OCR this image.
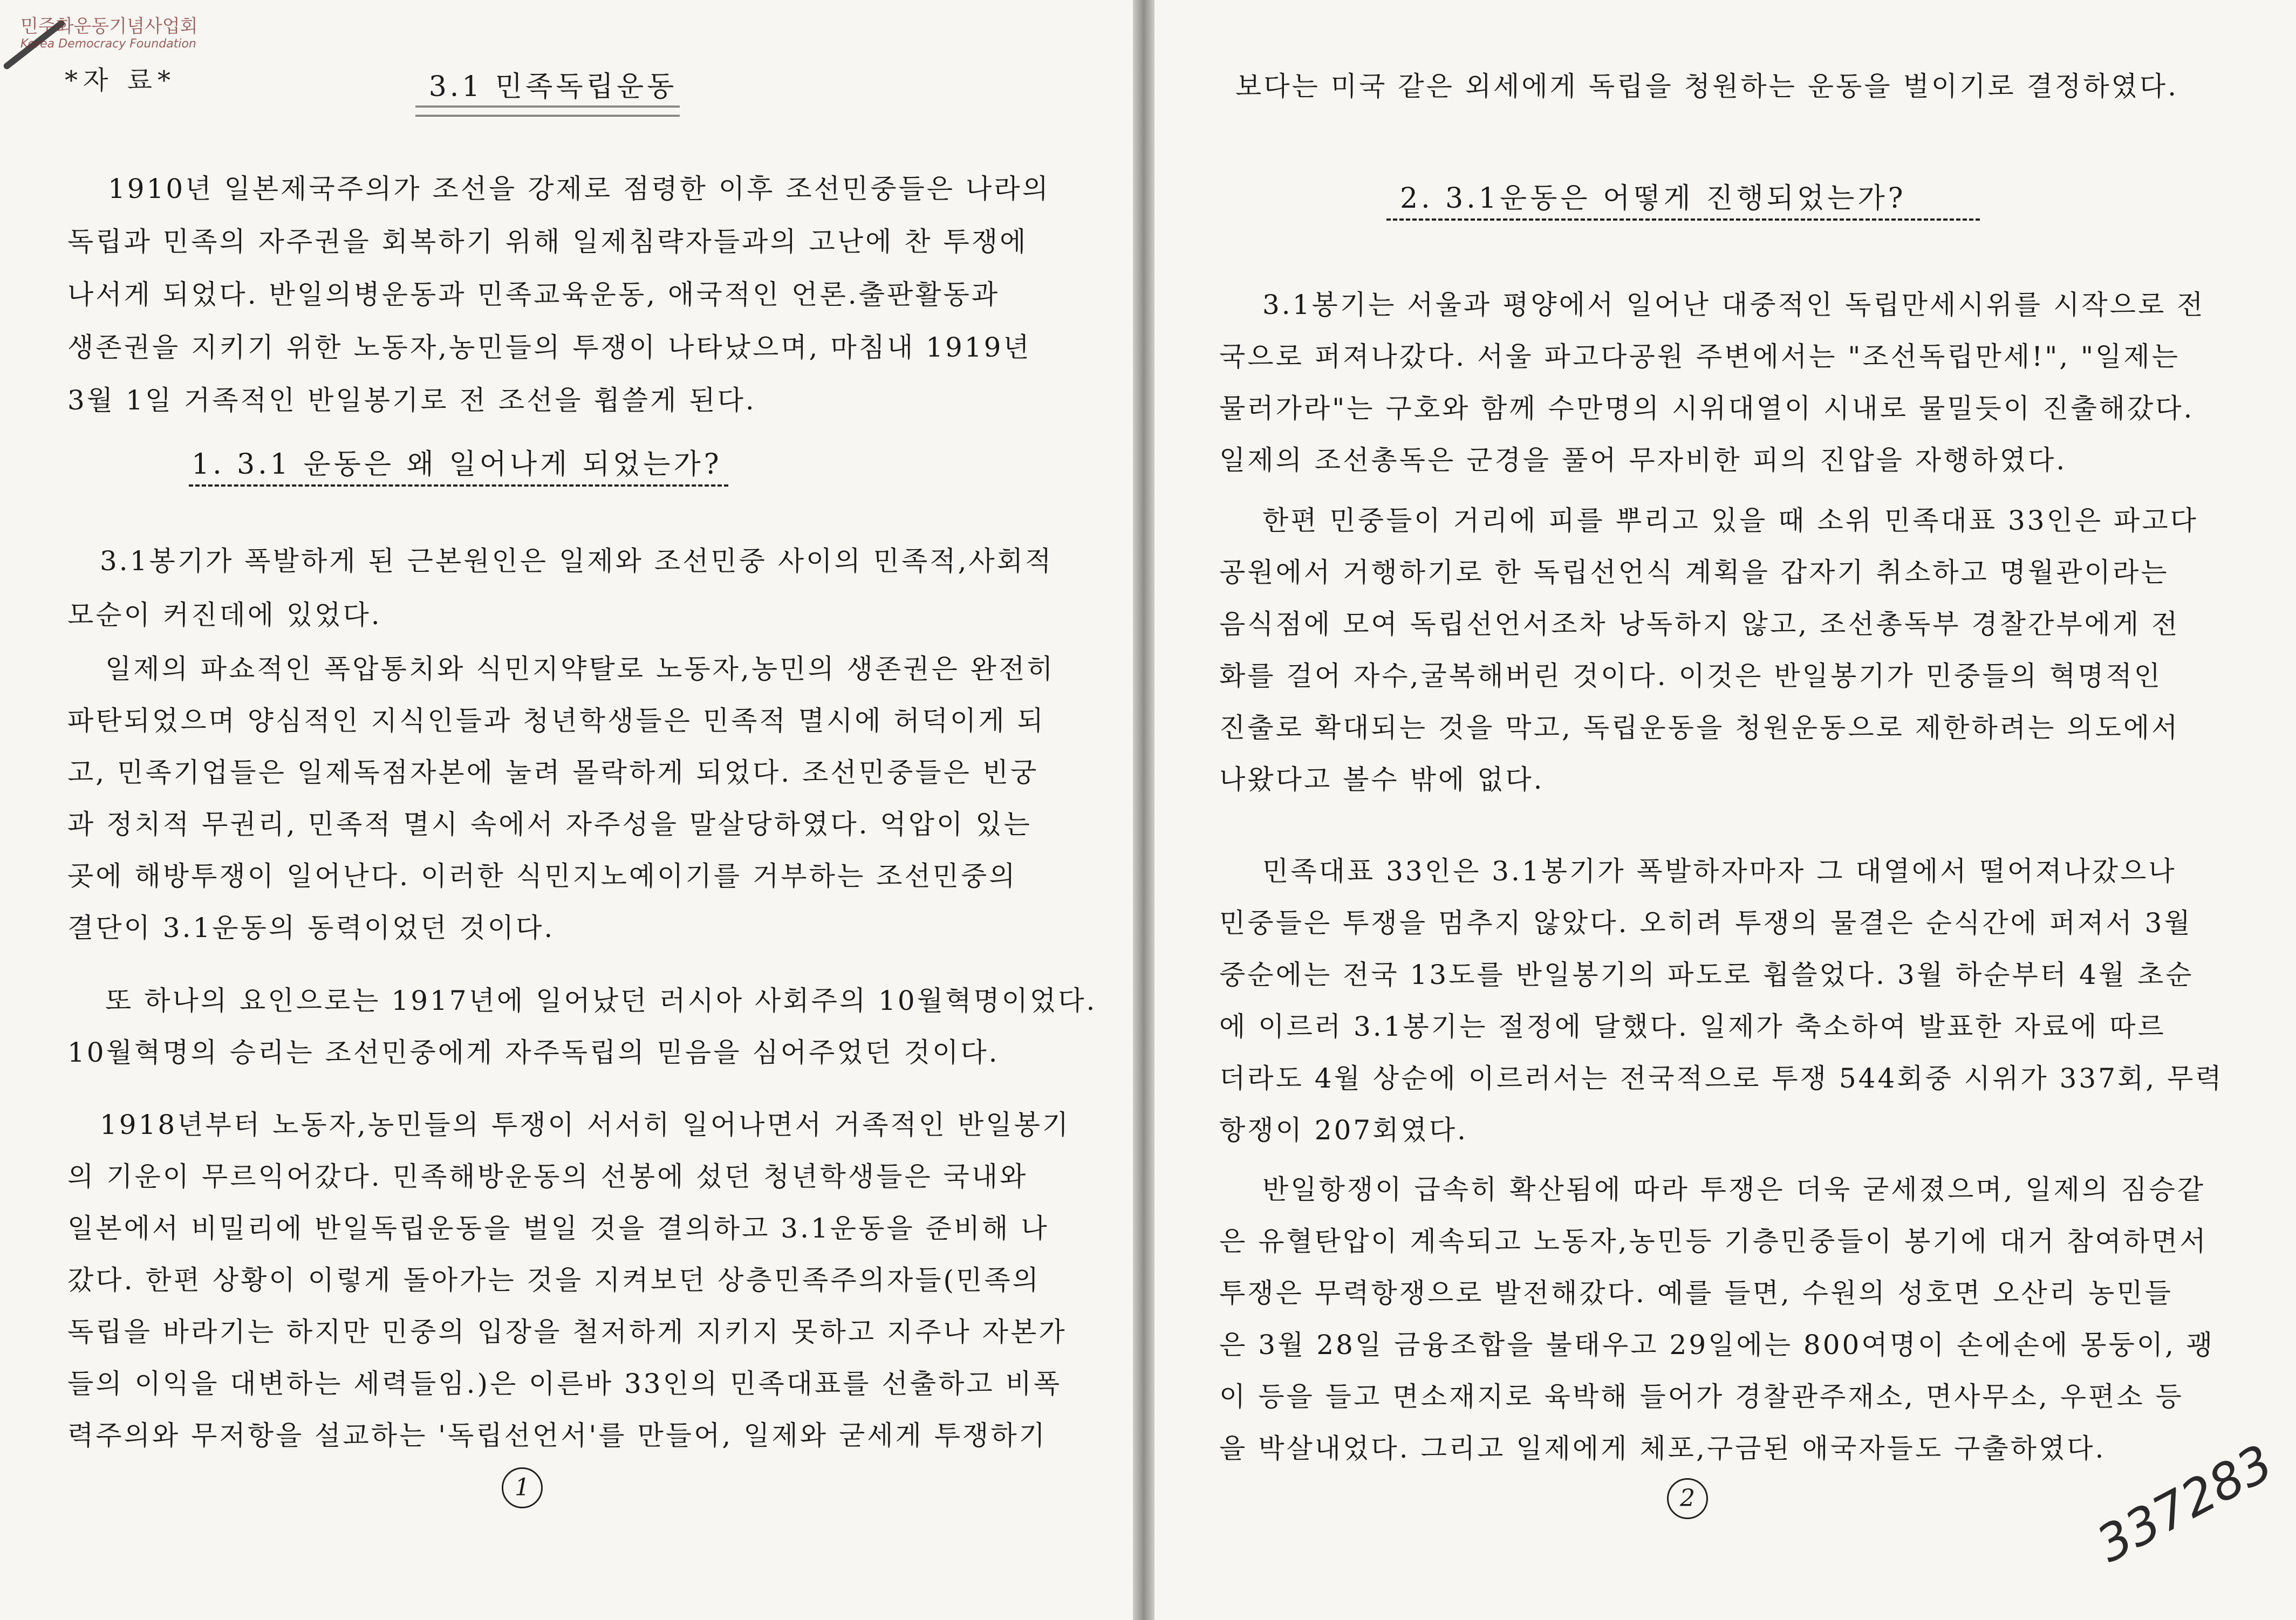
민주화운동기념사업회
Korea Democracy Foundation
*자 료*	3.1 민족독립운동
1910년 일본제국주의가 조선을 강제로 점령한 이후 조선민중들은 나라의
독립과 민족의 자주권을 회복하기 위해 일제침략자들과의 고난에 찬 투쟁에
나서게 되었다. 반일의병운동과 민족교육운동, 애국적인 언론.출판활동과
생존권을 지키기 위한 노동자,농민들의 투쟁이 나타났으며, 마침내 1919년
3월 1일 거족적인 반일봉기로 전 조선을 휩쓸게 된다.
3.1봉기가 폭발하게 된 근본원인은 일제와 조선민중 사이의 민족적,사회적
모순이 커진데에 있었다.
일제의 파쇼적인 폭압통치와 식민지약탈로 노동자,농민의 생존권은 완전히
파탄되었으며 양심적인 지식인들과 청년학생들은 민족적 멸시에 허덕이게 되
고, 민족기업들은 일제독점자본에 눌려 몰락하게 되었다. 조선민중들은 빈궁
과 정치적 무권리, 민족적 멸시 속에서 자주성을 말살당하였다. 억압이 있는
곳에 해방투쟁이 일어난다. 이러한 식민지노예이기를 거부하는 조선민중의
결단이 3.1운동의 동력이었던 것이다.
또 하나의 요인으로는 1917년에 일어났던 러시아 사회주의 10월혁명이었다.
10월혁명의 승리는 조선민중에게 자주독립의 믿음을 심어주었던 것이다.
1918년부터 노동자,농민들의 투쟁이 서서히 일어나면서 거족적인 반일봉기
의 기운이 무르익어갔다. 민족해방운동의 선봉에 섰던 청년학생들은 국내와
일본에서 비밀리에 반일독립운동을 벌일 것을 결의하고 3.1운동을 준비해 나
갔다. 한편 상황이 이렇게 돌아가는 것을 지켜보던 상층민족주의자들(민족의
독립을 바라기는 하지만 민중의 입장을 철저하게 지키지 못하고 지주나 자본가
들의 이익을 대변하는 세력들임.)은 이른바 33인의 민족대표를 선출하고 비폭
력주의와 무저항을 설교하는 '독립선언서'를 만들어, 일제와 굳세게 투쟁하기
1. 3.1 운동은 왜 일어나게 되었는가?
1
보다는 미국 같은 외세에게 독립을 청원하는 운동을 벌이기로 결정하였다.
3.1봉기는 서울과 평양에서 일어난 대중적인 독립만세시위를 시작으로 전
국으로 퍼져나갔다. 서울 파고다공원 주변에서는 "조선독립만세!", "일제는
물러가라"는 구호와 함께 수만명의 시위대열이 시내로 물밀듯이 진출해갔다.
일제의 조선총독은 군경을 풀어 무자비한 피의 진압을 자행하였다.
한편 민중들이 거리에 피를 뿌리고 있을 때 소위 민족대표 33인은 파고다
공원에서 거행하기로 한 독립선언식 계획을 갑자기 취소하고 명월관이라는
음식점에 모여 독립선언서조차 낭독하지 않고, 조선총독부 경찰간부에게 전
화를 걸어 자수,굴복해버린 것이다. 이것은 반일봉기가 민중들의 혁명적인
진출로 확대되는 것을 막고, 독립운동을 청원운동으로 제한하려는 의도에서
나왔다고 볼수 밖에 없다.
민족대표 33인은 3.1봉기가 폭발하자마자 그 대열에서 떨어져나갔으나
민중들은 투쟁을 멈추지 않았다. 오히려 투쟁의 물결은 순식간에 퍼져서 3월
중순에는 전국 13도를 반일봉기의 파도로 휩쓸었다. 3월 하순부터 4월 초순
에 이르러 3.1봉기는 절정에 달했다. 일제가 축소하여 발표한 자료에 따르
더라도 4월 상순에 이르러서는 전국적으로 투쟁 544회중 시위가 337회, 무력
항쟁이 207회였다.
반일항쟁이 급속히 확산됨에 따라 투쟁은 더욱 굳세졌으며, 일제의 짐승같
은 유혈탄압이 계속되고 노동자,농민등 기층민중들이 봉기에 대거 참여하면서
투쟁은 무력항쟁으로 발전해갔다. 예를 들면, 수원의 성호면 오산리 농민들
은 3월 28일 금융조합을 불태우고 29일에는 800여명이 손에손에 몽둥이, 괭
이 등을 들고 면소재지로 육박해 들어가 경찰관주재소, 면사무소, 우편소 등
을 박살내었다. 그리고 일제에게 체포,구금된 애국자들도 구출하였다.
2. 3.1운동은 어떻게 진행되었는가?
2	337283
